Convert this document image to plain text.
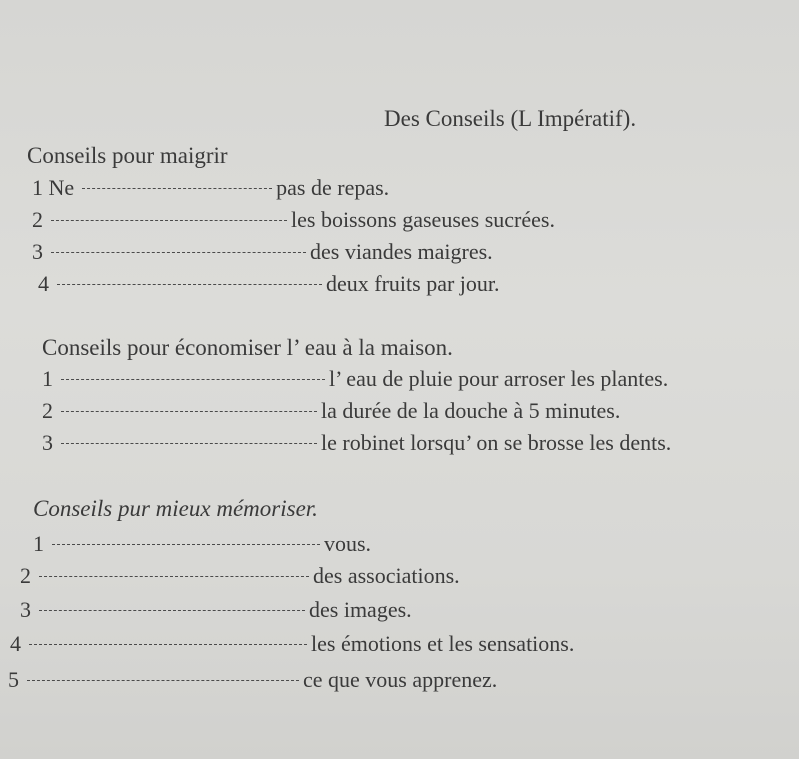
Des Conseils (L Impératif).
Conseils pour maigrir
1 Ne	pas de repas.
2	les boissons gaseuses sucrées.
3	des viandes maigres.
4	deux fruits par jour.
Conseils pour économiser l’ eau à la maison.
1	l’ eau de pluie pour arroser les plantes.
2	la durée de la douche à 5 minutes.
3	le robinet lorsqu’ on se brosse les dents.
Conseils pur mieux mémoriser.
1	vous.
2	des associations.
3	des images.
4	les émotions et les sensations.
5	ce que vous apprenez.
